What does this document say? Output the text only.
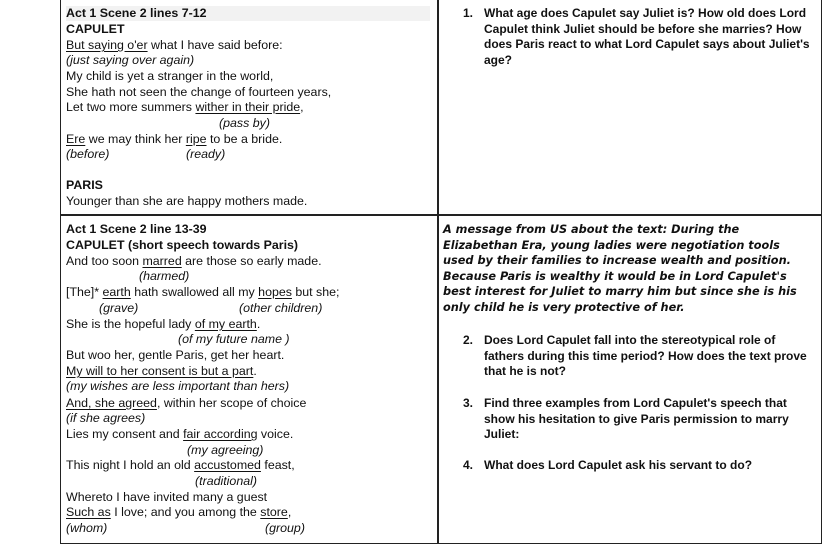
Act 1 Scene 2 lines 7-12
CAPULET
But saying o'er what I have said before:
(just saying over again)
My child is yet a stranger in the world,
She hath not seen the change of fourteen years,
Let two more summers wither in their pride,
(pass by)
Ere we may think her ripe to be a bride.
(before)	(ready)
PARIS
Younger than she are happy mothers made.
1. What age does Capulet say Juliet is? How old does Lord Capulet think Juliet should be before she marries? How does Paris react to what Lord Capulet says about Juliet's age?
Act 1 Scene 2 line 13-39
CAPULET (short speech towards Paris)
And too soon marred are those so early made.
(harmed)
[The]* earth hath swallowed all my hopes but she;
(grave)	(other children)
She is the hopeful lady of my earth.
(of my future name )
But woo her, gentle Paris, get her heart.
My will to her consent is but a part.
(my wishes are less important than hers)
And, she agreed, within her scope of choice
(if she agrees)
Lies my consent and fair according voice.
(my agreeing)
This night I hold an old accustomed feast,
(traditional)
Whereto I have invited many a guest
Such as I love; and you among the store,
(whom)	(group)
A message from US about the text: During the Elizabethan Era, young ladies were negotiation tools used by their families to increase wealth and position. Because Paris is wealthy it would be in Lord Capulet's best interest for Juliet to marry him but since she is his only child he is very protective of her.
2. Does Lord Capulet fall into the stereotypical role of fathers during this time period? How does the text prove that he is not?
3. Find three examples from Lord Capulet's speech that show his hesitation to give Paris permission to marry Juliet:
4. What does Lord Capulet ask his servant to do?
